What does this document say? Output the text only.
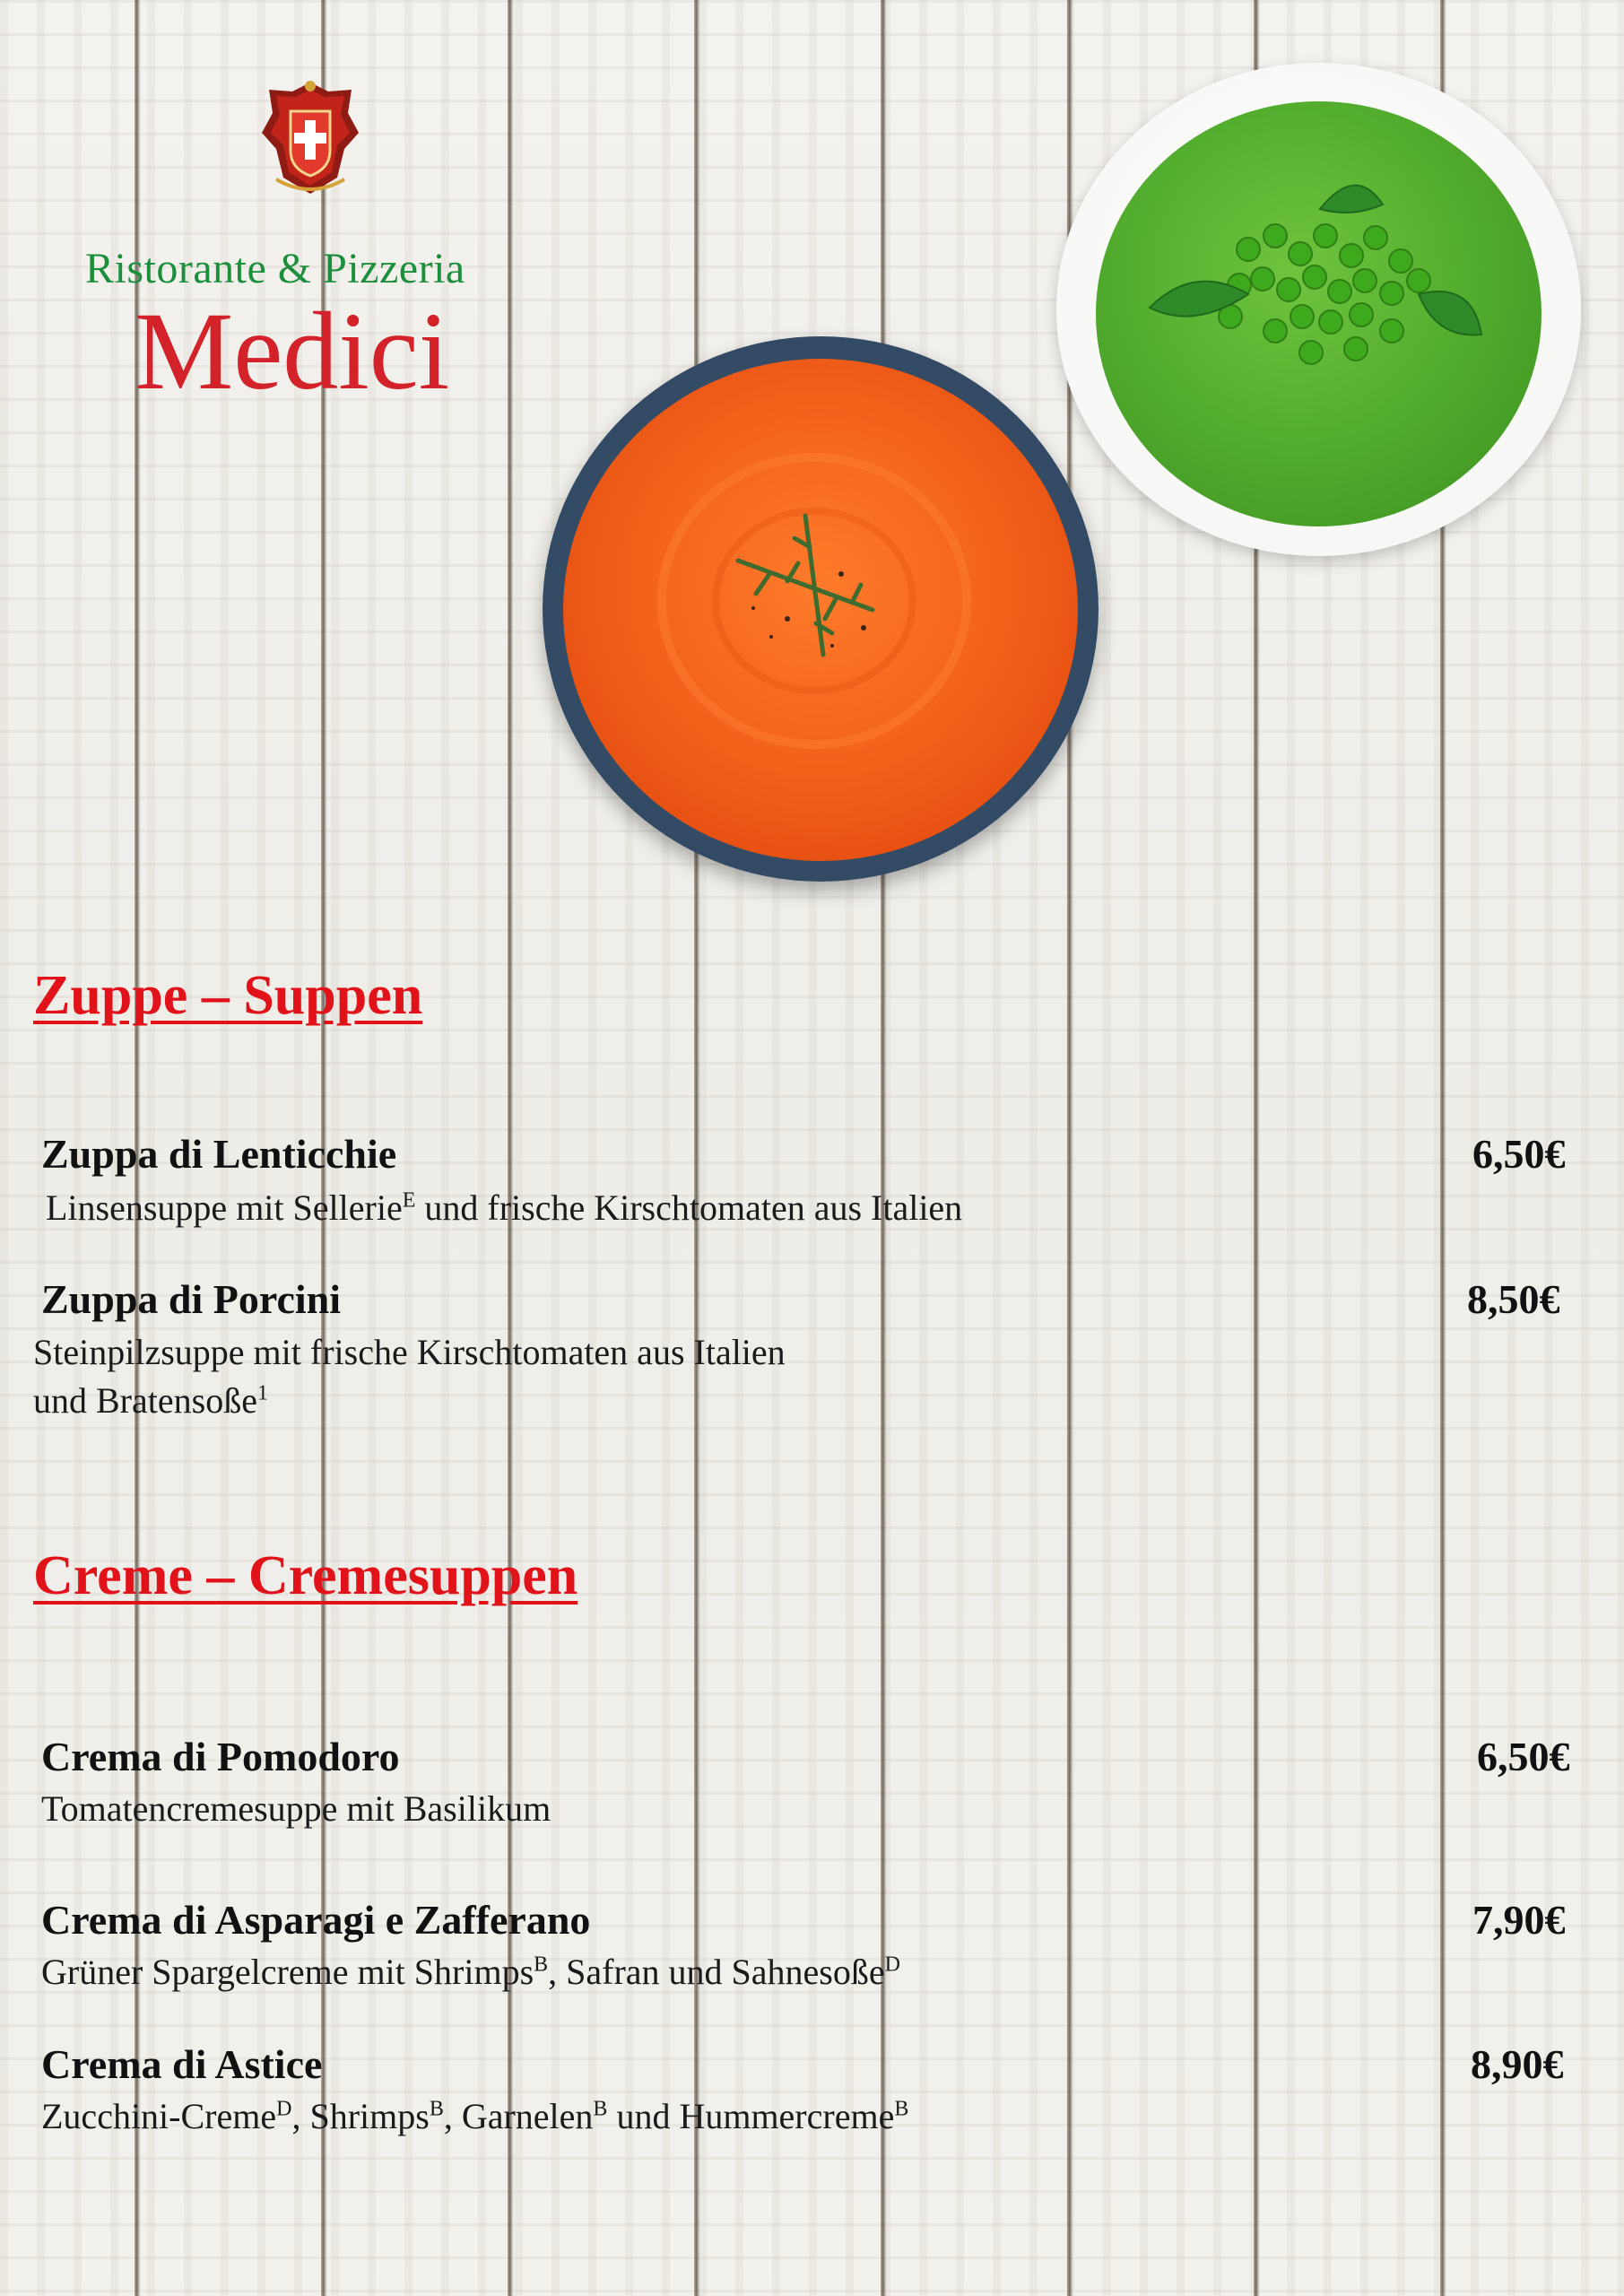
Ristorante & Pizzeria
Medici
Zuppe – Suppen
Zuppa di Lenticchie	6,50€
Linsensuppe mit Sellerie$^E$ und frische Kirschtomaten aus Italien
Zuppa di Porcini	8,50€
Steinpilzsuppe mit frische Kirschtomaten aus Italien
und Bratensoße$^1$
Creme – Cremesuppen
Crema di Pomodoro	6,50€
Tomatencremesuppe mit Basilikum
Crema di Asparagi e Zafferano	7,90€
Grüner Spargelcreme mit Shrimps$^B$, Safran und Sahnesoße$^D$
Crema di Astice	8,90€
Zucchini-Creme$^D$, Shrimps$^B$, Garnelen$^B$ und Hummercreme$^B$
